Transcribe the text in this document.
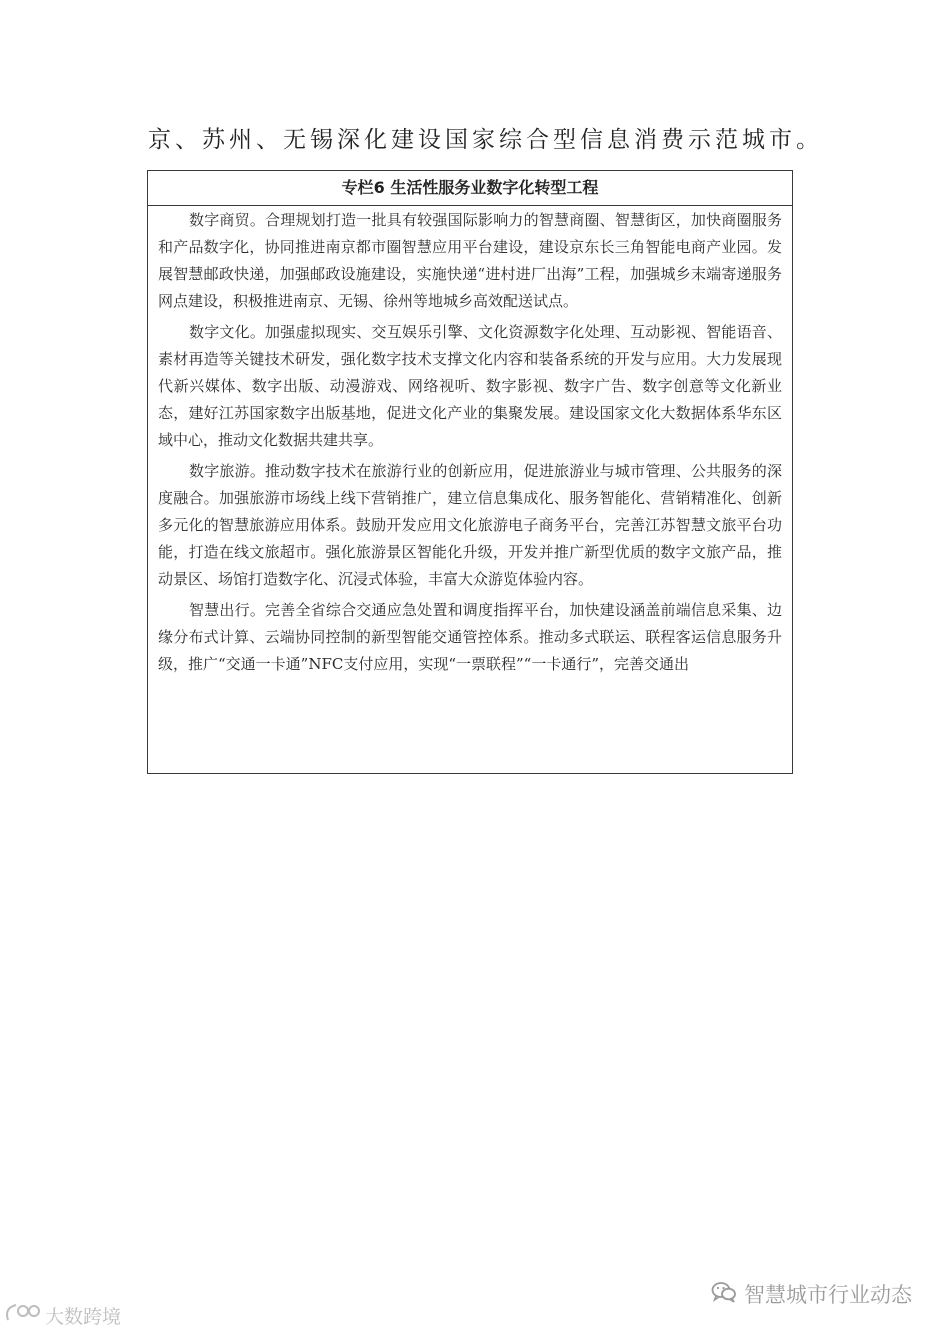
京、苏州、无锡深化建设国家综合型信息消费示范城市。
专栏6 生活性服务业数字化转型工程

数字商贸。合理规划打造一批具有较强国际影响力的智慧商圈、智慧街区，加快商圈服务和产品数字化，协同推进南京都市圈智慧应用平台建设，建设京东长三角智能电商产业园。发展智慧邮政快递，加强邮政设施建设，实施快递“进村进厂出海”工程，加强城乡末端寄递服务网点建设，积极推进南京、无锡、徐州等地城乡高效配送试点。

数字文化。加强虚拟现实、交互娱乐引擎、文化资源数字化处理、互动影视、智能语音、素材再造等关键技术研发，强化数字技术支撑文化内容和装备系统的开发与应用。大力发展现代新兴媒体、数字出版、动漫游戏、网络视听、数字影视、数字广告、数字创意等文化新业态，建好江苏国家数字出版基地，促进文化产业的集聚发展。建设国家文化大数据体系华东区域中心，推动文化数据共建共享。

数字旅游。推动数字技术在旅游行业的创新应用，促进旅游业与城市管理、公共服务的深度融合。加强旅游市场线上线下营销推广，建立信息集成化、服务智能化、营销精准化、创新多元化的智慧旅游应用体系。鼓励开发应用文化旅游电子商务平台，完善江苏智慧文旅平台功能，打造在线文旅超市。强化旅游景区智能化升级，开发并推广新型优质的数字文旅产品，推动景区、场馆打造数字化、沉浸式体验，丰富大众游览体验内容。

智慧出行。完善全省综合交通应急处置和调度指挥平台，加快建设涵盖前端信息采集、边缘分布式计算、云端协同控制的新型智能交通管控体系。推动多式联运、联程客运信息服务升级，推广“交通一卡通”NFC支付应用，实现“一票联程”“一卡通行”，完善交通出

大数跨境
智慧城市行业动态
